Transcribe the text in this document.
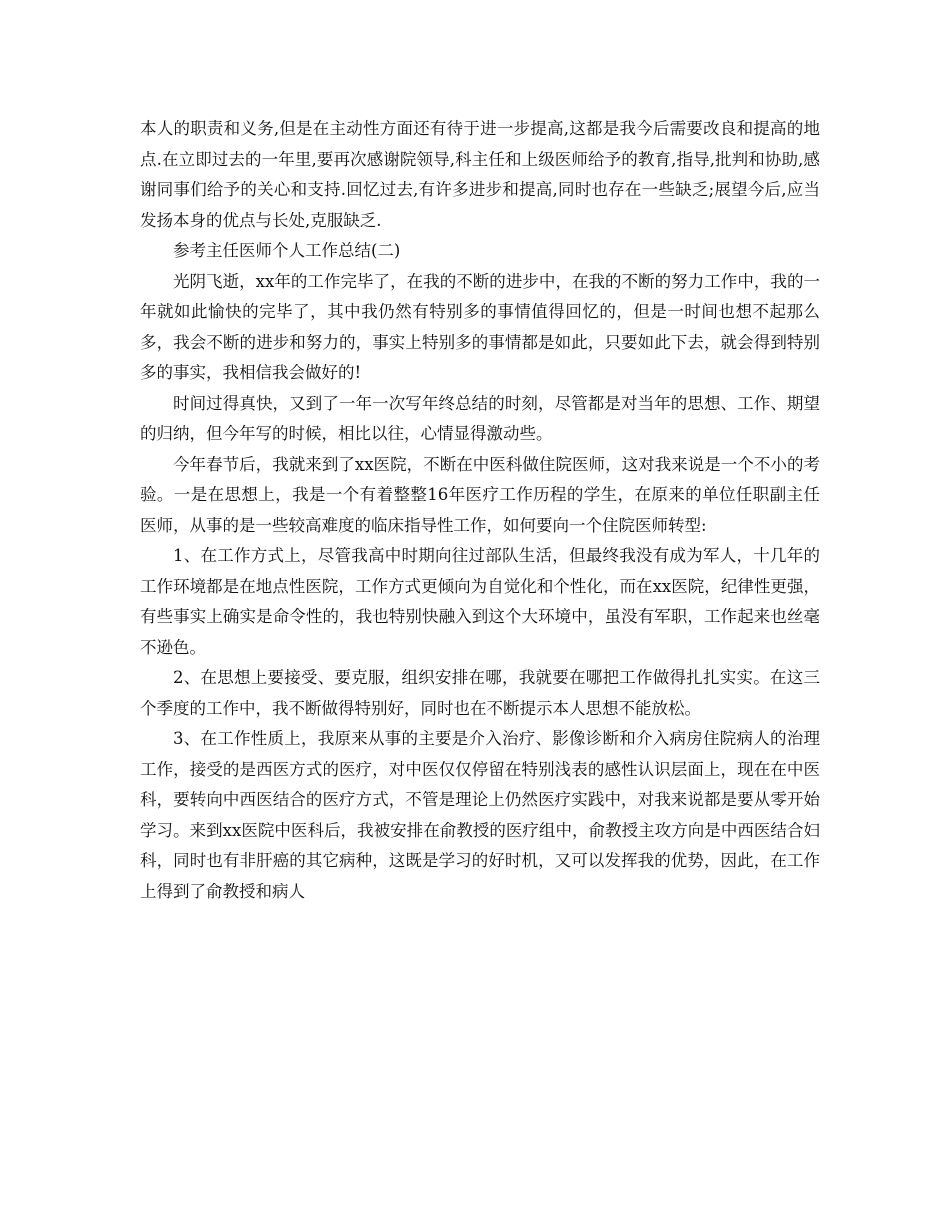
本人的职责和义务,但是在主动性方面还有待于进一步提高,这都是我今后需要改良和提高的地点.在立即过去的一年里,要再次感谢院领导,科主任和上级医师给予的教育,指导,批判和协助,感谢同事们给予的关心和支持.回忆过去,有许多进步和提高,同时也存在一些缺乏;展望今后,应当发扬本身的优点与长处,克服缺乏.

参考主任医师个人工作总结(二)

光阴飞逝，xx年的工作完毕了，在我的不断的进步中，在我的不断的努力工作中，我的一年就如此愉快的完毕了，其中我仍然有特别多的事情值得回忆的，但是一时间也想不起那么多，我会不断的进步和努力的，事实上特别多的事情都是如此，只要如此下去，就会得到特别多的事实，我相信我会做好的!

时间过得真快，又到了一年一次写年终总结的时刻，尽管都是对当年的思想、工作、期望的归纳，但今年写的时候，相比以往，心情显得激动些。

今年春节后，我就来到了xx医院，不断在中医科做住院医师，这对我来说是一个不小的考验。一是在思想上，我是一个有着整整16年医疗工作历程的学生，在原来的单位任职副主任医师，从事的是一些较高难度的临床指导性工作，如何要向一个住院医师转型:

1、在工作方式上，尽管我高中时期向往过部队生活，但最终我没有成为军人，十几年的工作环境都是在地点性医院，工作方式更倾向为自觉化和个性化，而在xx医院，纪律性更强，有些事实上确实是命令性的，我也特别快融入到这个大环境中，虽没有军职，工作起来也丝毫不逊色。

2、在思想上要接受、要克服，组织安排在哪，我就要在哪把工作做得扎扎实实。在这三个季度的工作中，我不断做得特别好，同时也在不断提示本人思想不能放松。

3、在工作性质上，我原来从事的主要是介入治疗、影像诊断和介入病房住院病人的治理工作，接受的是西医方式的医疗，对中医仅仅停留在特别浅表的感性认识层面上，现在在中医科，要转向中西医结合的医疗方式，不管是理论上仍然医疗实践中，对我来说都是要从零开始学习。来到xx医院中医科后，我被安排在俞教授的医疗组中，俞教授主攻方向是中西医结合妇科，同时也有非肝癌的其它病种，这既是学习的好时机，又可以发挥我的优势，因此，在工作上得到了俞教授和病人
